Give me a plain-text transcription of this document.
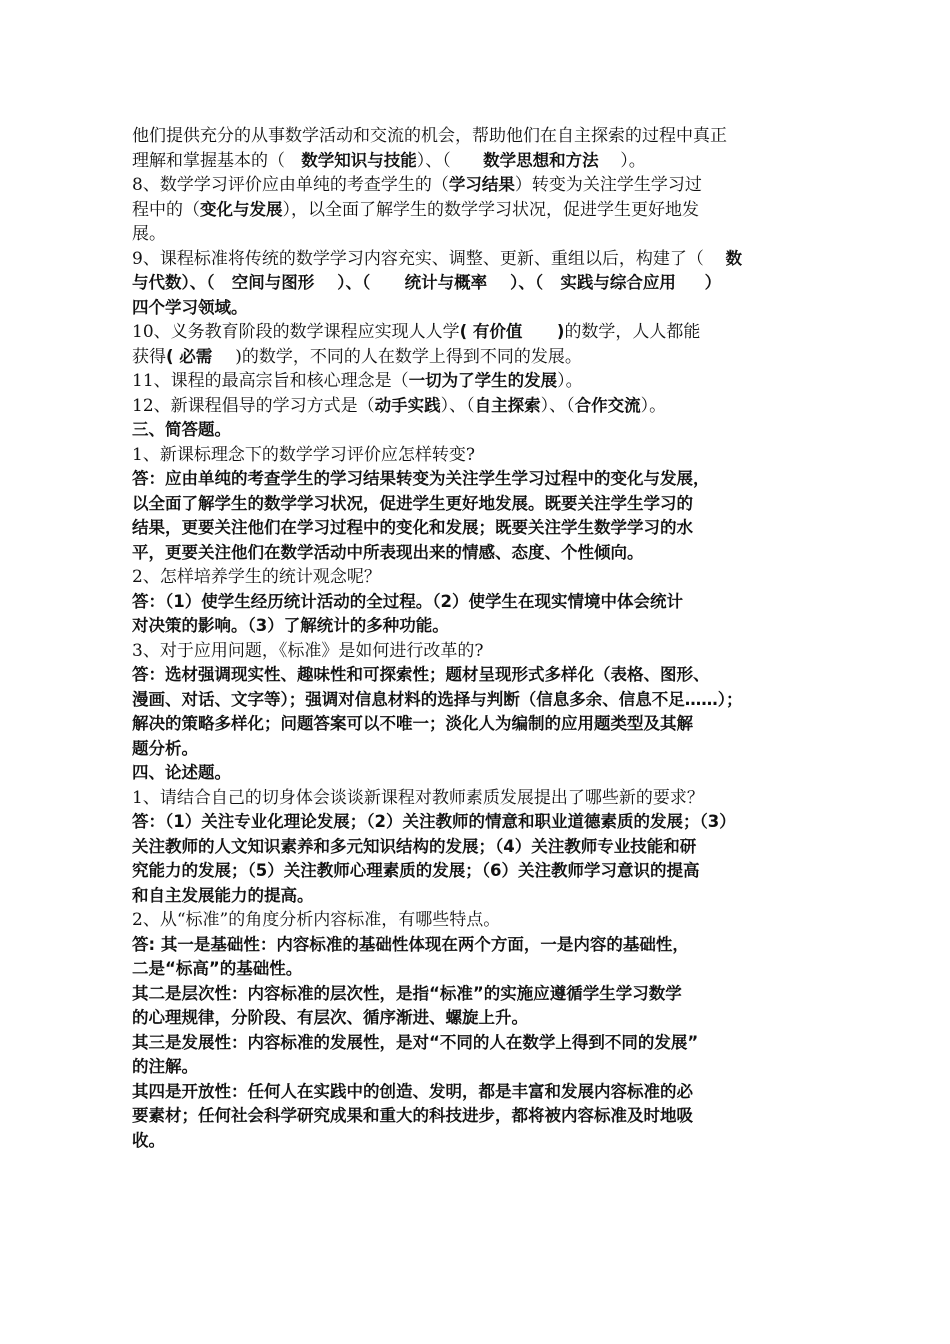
他们提供充分的从事数学活动和交流的机会，帮助他们在自主探索的过程中真正
理解和掌握基本的（   数学知识与技能）、（      数学思想和方法    ）。
8、数学学习评价应由单纯的考查学生的（学习结果）转变为关注学生学习过
程中的（变化与发展），以全面了解学生的数学学习状况，促进学生更好地发
展。
9、课程标准将传统的数学学习内容充实、调整、更新、重组以后，构建了（    数
与代数）、（   空间与图形    ）、（      统计与概率    ）、（   实践与综合应用     ）
四个学习领域。
10、义务教育阶段的数学课程应实现人人学( 有价值      )的数学，人人都能
获得( 必需    )的数学，不同的人在数学上得到不同的发展。
11、课程的最高宗旨和核心理念是（一切为了学生的发展）。
12、新课程倡导的学习方式是（动手实践）、（自主探索）、（合作交流）。
三、简答题。
1、新课标理念下的数学学习评价应怎样转变?
答：应由单纯的考查学生的学习结果转变为关注学生学习过程中的变化与发展，
以全面了解学生的数学学习状况，促进学生更好地发展。既要关注学生学习的
结果，更要关注他们在学习过程中的变化和发展；既要关注学生数学学习的水
平，更要关注他们在数学活动中所表现出来的情感、态度、个性倾向。
2、怎样培养学生的统计观念呢？
答：（1）使学生经历统计活动的全过程。（2）使学生在现实情境中体会统计
对决策的影响。（3）了解统计的多种功能。
3、对于应用问题，《标准》是如何进行改革的?
答：选材强调现实性、趣味性和可探索性；题材呈现形式多样化（表格、图形、
漫画、对话、文字等）；强调对信息材料的选择与判断（信息多余、信息不足……）；
解决的策略多样化；问题答案可以不唯一；淡化人为编制的应用题类型及其解
题分析。
四、论述题。
1、请结合自己的切身体会谈谈新课程对教师素质发展提出了哪些新的要求？
答：（1）关注专业化理论发展；（2）关注教师的情意和职业道德素质的发展；（3）
关注教师的人文知识素养和多元知识结构的发展；（4）关注教师专业技能和研
究能力的发展；（5）关注教师心理素质的发展；（6）关注教师学习意识的提高
和自主发展能力的提高。
2、从“标准”的角度分析内容标准，有哪些特点。
答: 其一是基础性：内容标准的基础性体现在两个方面，一是内容的基础性，
二是“标高”的基础性。
其二是层次性：内容标准的层次性，是指“标准”的实施应遵循学生学习数学
的心理规律，分阶段、有层次、循序渐进、螺旋上升。
其三是发展性：内容标准的发展性，是对“不同的人在数学上得到不同的发展”
的注解。
其四是开放性：任何人在实践中的创造、发明，都是丰富和发展内容标准的必
要素材；任何社会科学研究成果和重大的科技进步，都将被内容标准及时地吸
收。
